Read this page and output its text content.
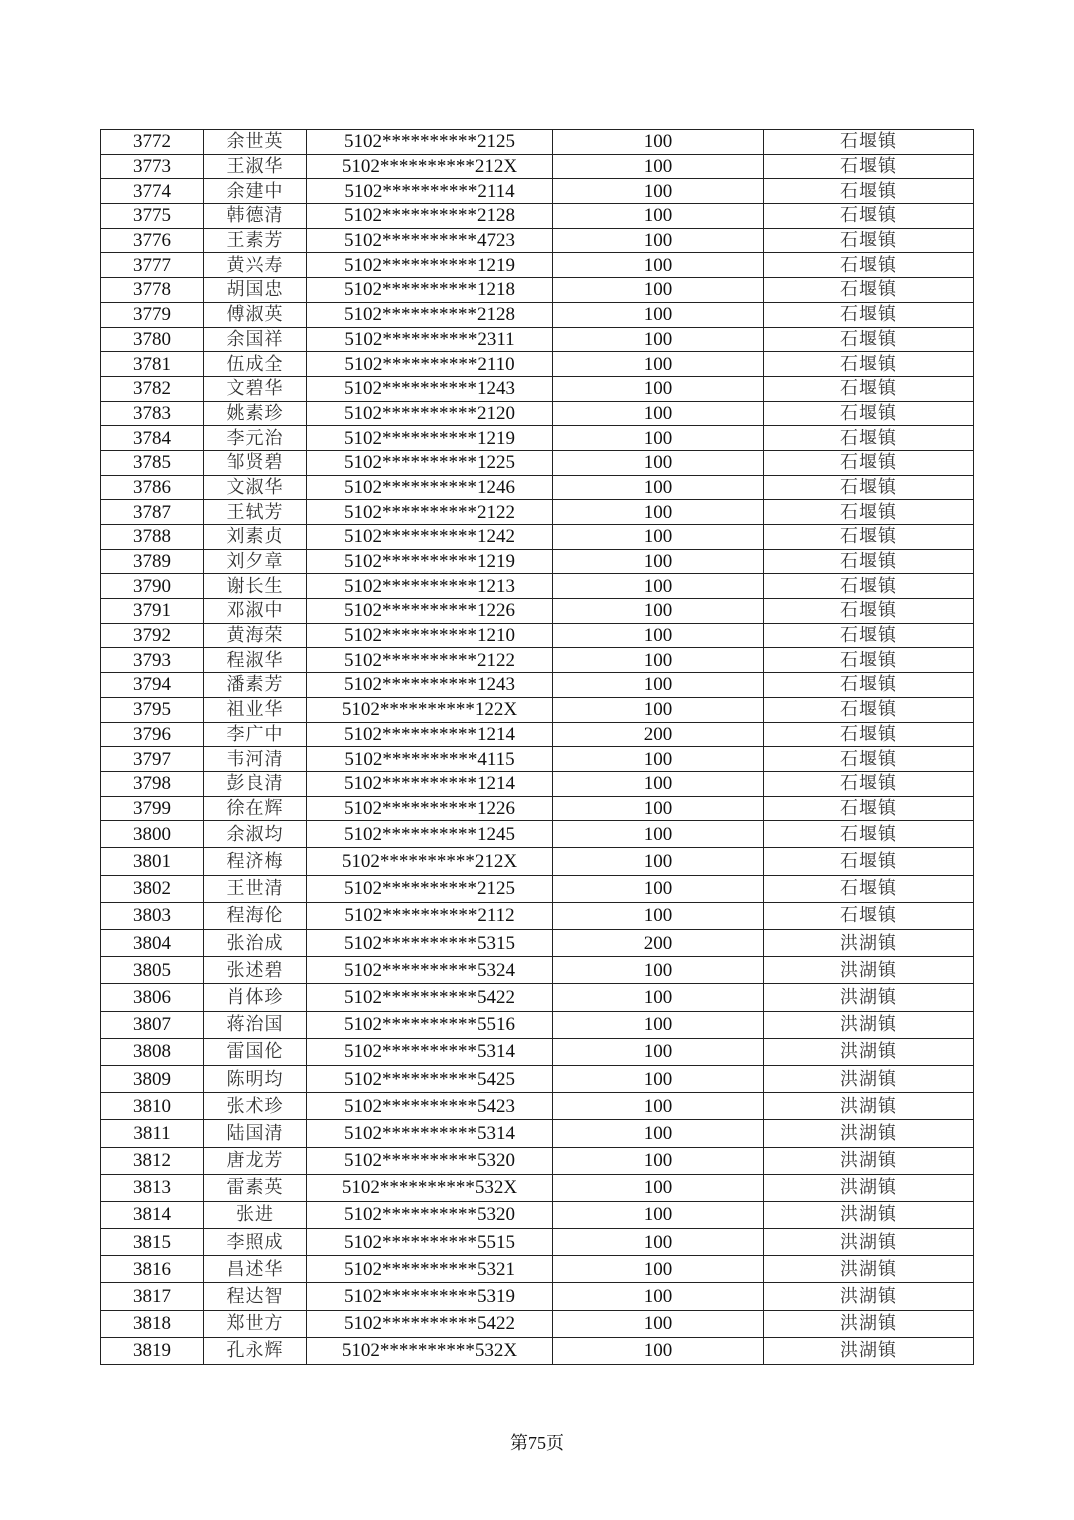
3772	余世英	5102**********2125	100	石堰镇
3773	王淑华	5102**********212X	100	石堰镇
3774	余建中	5102**********2114	100	石堰镇
3775	韩德清	5102**********2128	100	石堰镇
3776	王素芳	5102**********4723	100	石堰镇
3777	黄兴寿	5102**********1219	100	石堰镇
3778	胡国忠	5102**********1218	100	石堰镇
3779	傅淑英	5102**********2128	100	石堰镇
3780	余国祥	5102**********2311	100	石堰镇
3781	伍成全	5102**********2110	100	石堰镇
3782	文碧华	5102**********1243	100	石堰镇
3783	姚素珍	5102**********2120	100	石堰镇
3784	李元治	5102**********1219	100	石堰镇
3785	邹贤碧	5102**********1225	100	石堰镇
3786	文淑华	5102**********1246	100	石堰镇
3787	王轼芳	5102**********2122	100	石堰镇
3788	刘素贞	5102**********1242	100	石堰镇
3789	刘夕章	5102**********1219	100	石堰镇
3790	谢长生	5102**********1213	100	石堰镇
3791	邓淑中	5102**********1226	100	石堰镇
3792	黄海荣	5102**********1210	100	石堰镇
3793	程淑华	5102**********2122	100	石堰镇
3794	潘素芳	5102**********1243	100	石堰镇
3795	祖业华	5102**********122X	100	石堰镇
3796	李广中	5102**********1214	200	石堰镇
3797	韦河清	5102**********4115	100	石堰镇
3798	彭良清	5102**********1214	100	石堰镇
3799	徐在辉	5102**********1226	100	石堰镇
3800	余淑均	5102**********1245	100	石堰镇
3801	程济梅	5102**********212X	100	石堰镇
3802	王世清	5102**********2125	100	石堰镇
3803	程海伦	5102**********2112	100	石堰镇
3804	张治成	5102**********5315	200	洪湖镇
3805	张述碧	5102**********5324	100	洪湖镇
3806	肖体珍	5102**********5422	100	洪湖镇
3807	蒋治国	5102**********5516	100	洪湖镇
3808	雷国伦	5102**********5314	100	洪湖镇
3809	陈明均	5102**********5425	100	洪湖镇
3810	张术珍	5102**********5423	100	洪湖镇
3811	陆国清	5102**********5314	100	洪湖镇
3812	唐龙芳	5102**********5320	100	洪湖镇
3813	雷素英	5102**********532X	100	洪湖镇
3814	张进	5102**********5320	100	洪湖镇
3815	李照成	5102**********5515	100	洪湖镇
3816	昌述华	5102**********5321	100	洪湖镇
3817	程达智	5102**********5319	100	洪湖镇
3818	郑世方	5102**********5422	100	洪湖镇
3819	孔永辉	5102**********532X	100	洪湖镇
第75页
